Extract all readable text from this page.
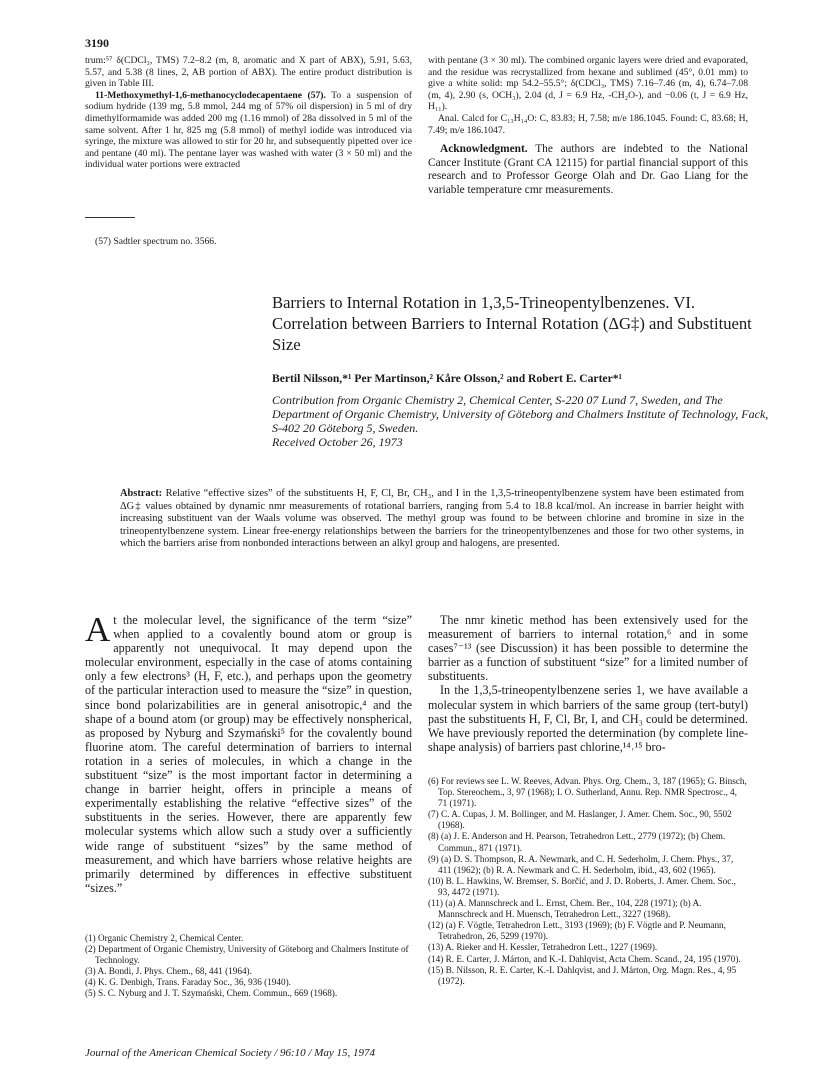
3190

trum:⁵⁷ δ(CDCl₃, TMS) 7.2–8.2 (m, 8, aromatic and X part of ABX), 5.91, 5.63, 5.57, and 5.38 (8 lines, 2, AB portion of ABX). The entire product distribution is given in Table III.

11-Methoxymethyl-1,6-methanocyclodecapentaene (57). To a suspension of sodium hydride (139 mg, 5.8 mmol, 244 mg of 57% oil dispersion) in 5 ml of dry dimethylformamide was added 200 mg (1.16 mmol) of 28a dissolved in 5 ml of the same solvent. After 1 hr, 825 mg (5.8 mmol) of methyl iodide was introduced via syringe, the mixture was allowed to stir for 20 hr, and subsequently pipetted over ice and pentane (40 ml). The pentane layer was washed with water (3 × 50 ml) and the individual water portions were extracted

(57) Sadtler spectrum no. 3566.

with pentane (3 × 30 ml). The combined organic layers were dried and evaporated, and the residue was recrystallized from hexane and sublimed (45°, 0.01 mm) to give a white solid: mp 54.2–55.5°; δ(CDCl₃, TMS) 7.16–7.46 (m, 4), 6.74–7.08 (m, 4), 2.90 (s, OCH₃), 2.04 (d, J = 6.9 Hz, -CH₂O-), and −0.06 (t, J = 6.9 Hz, H₁₁).

Anal. Calcd for C₁₃H₁₄O: C, 83.83; H, 7.58; m/e 186.1045. Found: C, 83.68; H, 7.49; m/e 186.1047.

Acknowledgment. The authors are indebted to the National Cancer Institute (Grant CA 12115) for partial financial support of this research and to Professor George Olah and Dr. Gao Liang for the variable temperature cmr measurements.

Barriers to Internal Rotation in 1,3,5-Trineopentylbenzenes. VI. Correlation between Barriers to Internal Rotation (ΔG‡) and Substituent Size
Bertil Nilsson,*¹ Per Martinson,² Kåre Olsson,² and Robert E. Carter*¹
Contribution from Organic Chemistry 2, Chemical Center, S-220 07 Lund 7, Sweden, and The Department of Organic Chemistry, University of Göteborg and Chalmers Institute of Technology, Fack, S-402 20 Göteborg 5, Sweden.
Received October 26, 1973
Abstract: Relative “effective sizes” of the substituents H, F, Cl, Br, CH₃, and I in the 1,3,5-trineopentylbenzene system have been estimated from ΔG‡ values obtained by dynamic nmr measurements of rotational barriers, ranging from 5.4 to 18.8 kcal/mol. An increase in barrier height with increasing substituent van der Waals volume was observed. The methyl group was found to be between chlorine and bromine in size in the trineopentylbenzene system. Linear free-energy relationships between the barriers for the trineopentylbenzenes and those for two other systems, in which the barriers arise from nonbonded interactions between an alkyl group and halogens, are presented.
At the molecular level, the significance of the term “size” when applied to a covalently bound atom or group is apparently not unequivocal. It may depend upon the molecular environment, especially in the case of atoms containing only a few electrons³ (H, F, etc.), and perhaps upon the geometry of the particular interaction used to measure the “size” in question, since bond polarizabilities are in general anisotropic,⁴ and the shape of a bound atom (or group) may be effectively nonspherical, as proposed by Nyburg and Szymański⁵ for the covalently bound fluorine atom. The careful determination of barriers to internal rotation in a series of molecules, in which a change in the substituent “size” is the most important factor in determining a change in barrier height, offers in principle a means of experimentally establishing the relative “effective sizes” of the substituents in the series. However, there are apparently few molecular systems which allow such a study over a sufficiently wide range of substituent “sizes” by the same method of measurement, and which have barriers whose relative heights are primarily determined by differences in effective substituent “sizes.”
(1) Organic Chemistry 2, Chemical Center.
(2) Department of Organic Chemistry, University of Göteborg and Chalmers Institute of Technology.
(3) A. Bondi, J. Phys. Chem., 68, 441 (1964).
(4) K. G. Denbigh, Trans. Faraday Soc., 36, 936 (1940).
(5) S. C. Nyburg and J. T. Szymański, Chem. Commun., 669 (1968).

The nmr kinetic method has been extensively used for the measurement of barriers to internal rotation,⁶ and in some cases⁷⁻¹³ (see Discussion) it has been possible to determine the barrier as a function of substituent “size” for a limited number of substituents.

In the 1,3,5-trineopentylbenzene series 1, we have available a molecular system in which barriers of the same group (tert-butyl) past the substituents H, F, Cl, Br, I, and CH₃ could be determined. We have previously reported the determination (by complete line-shape analysis) of barriers past chlorine,¹⁴˒¹⁵ bro-

(6) For reviews see L. W. Reeves, Advan. Phys. Org. Chem., 3, 187 (1965); G. Binsch, Top. Stereochem., 3, 97 (1968); I. O. Sutherland, Annu. Rep. NMR Spectrosc., 4, 71 (1971).
(7) C. A. Cupas, J. M. Bollinger, and M. Haslanger, J. Amer. Chem. Soc., 90, 5502 (1968).
(8) (a) J. E. Anderson and H. Pearson, Tetrahedron Lett., 2779 (1972); (b) Chem. Commun., 871 (1971).
(9) (a) D. S. Thompson, R. A. Newmark, and C. H. Sederholm, J. Chem. Phys., 37, 411 (1962); (b) R. A. Newmark and C. H. Sederholm, ibid., 43, 602 (1965).
(10) B. L. Hawkins, W. Bremser, S. Borčić, and J. D. Roberts, J. Amer. Chem. Soc., 93, 4472 (1971).
(11) (a) A. Mannschreck and L. Ernst, Chem. Ber., 104, 228 (1971); (b) A. Mannschreck and H. Muensch, Tetrahedron Lett., 3227 (1968).
(12) (a) F. Vögtle, Tetrahedron Lett., 3193 (1969); (b) F. Vögtle and P. Neumann, Tetrahedron, 26, 5299 (1970).
(13) A. Rieker and H. Kessler, Tetrahedron Lett., 1227 (1969).
(14) R. E. Carter, J. Márton, and K.-I. Dahlqvist, Acta Chem. Scand., 24, 195 (1970).
(15) B. Nilsson, R. E. Carter, K.-I. Dahlqvist, and J. Márton, Org. Magn. Res., 4, 95 (1972).
Journal of the American Chemical Society / 96:10 / May 15, 1974
